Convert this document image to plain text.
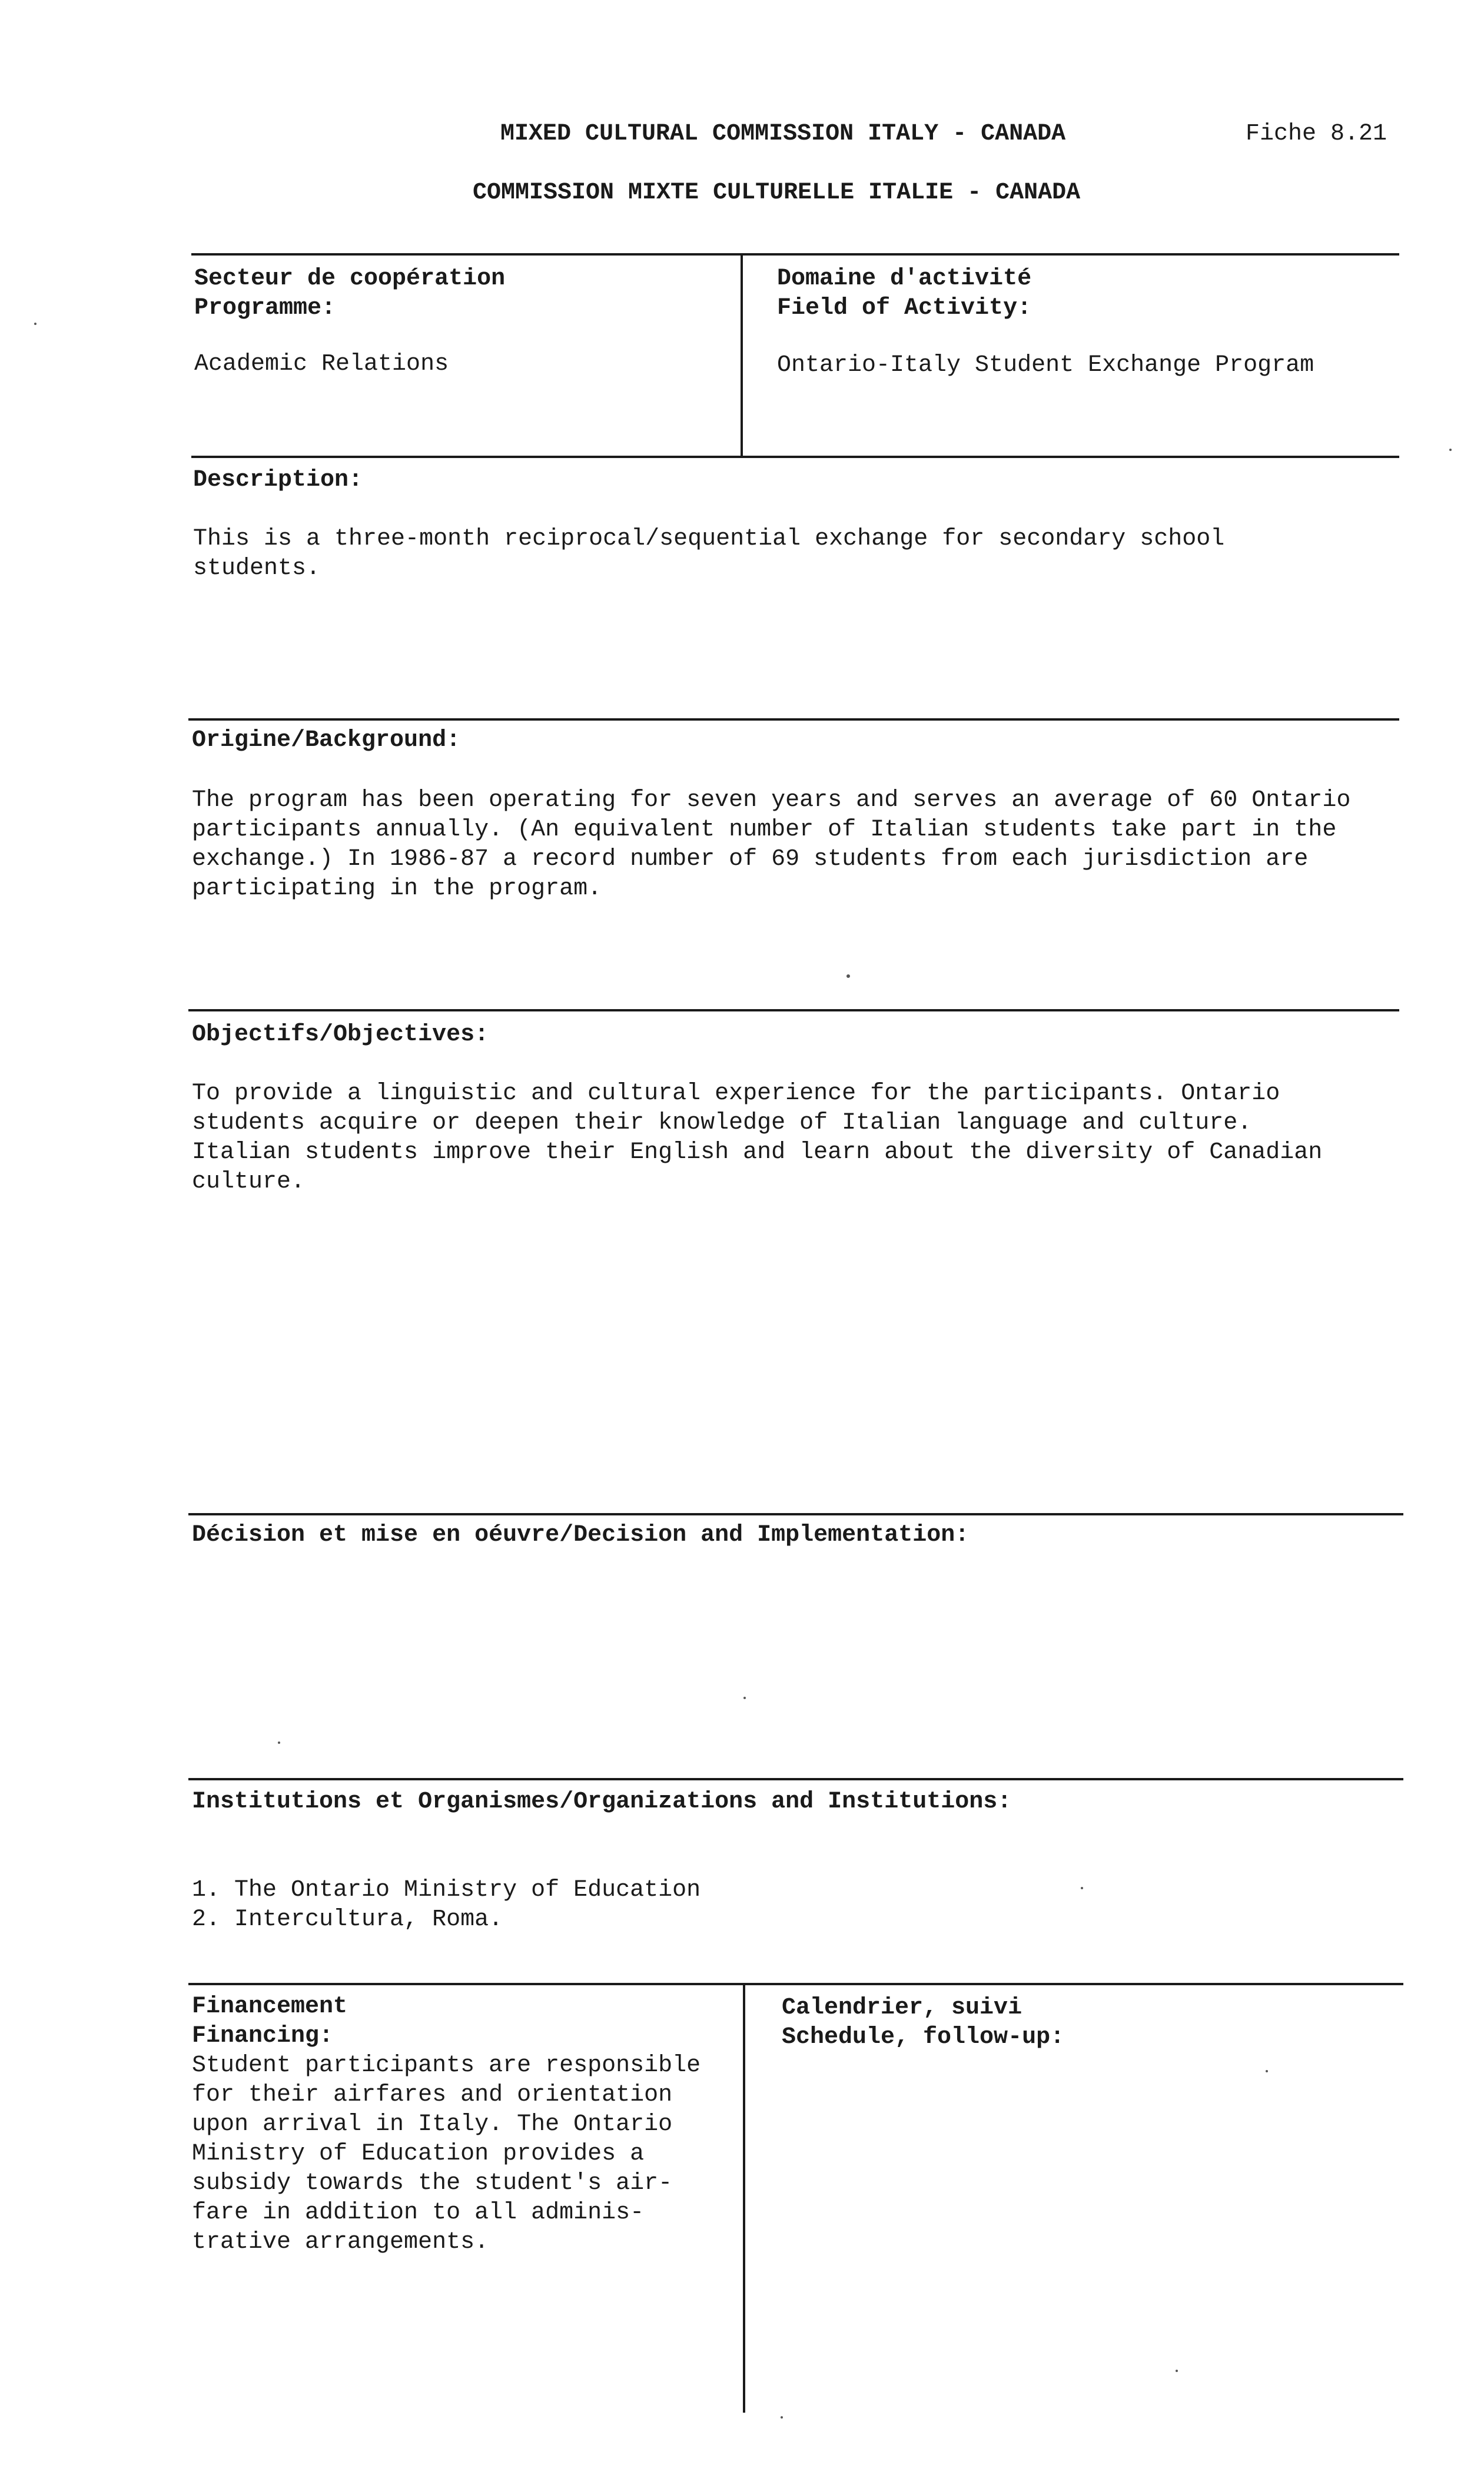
MIXED CULTURAL COMMISSION ITALY - CANADA	Fiche 8.21
COMMISSION MIXTE CULTURELLE ITALIE - CANADA
Secteur de coopération
Programme:
Academic Relations
Domaine d'activité
Field of Activity:
Ontario-Italy Student Exchange Program
Description:
This is a three-month reciprocal/sequential exchange for secondary school
students.
Origine/Background:
The program has been operating for seven years and serves an average of 60 Ontario
participants annually. (An equivalent number of Italian students take part in the
exchange.) In 1986-87 a record number of 69 students from each jurisdiction are
participating in the program.
Objectifs/Objectives:
To provide a linguistic and cultural experience for the participants. Ontario
students acquire or deepen their knowledge of Italian language and culture.
Italian students improve their English and learn about the diversity of Canadian
culture.
Décision et mise en oéuvre/Decision and Implementation:
Institutions et Organismes/Organizations and Institutions:
1. The Ontario Ministry of Education
2. Intercultura, Roma.
Financement
Financing:
Student participants are responsible
for their airfares and orientation
upon arrival in Italy. The Ontario
Ministry of Education provides a
subsidy towards the student's air-
fare in addition to all adminis-
trative arrangements.
Calendrier, suivi
Schedule, follow-up:
